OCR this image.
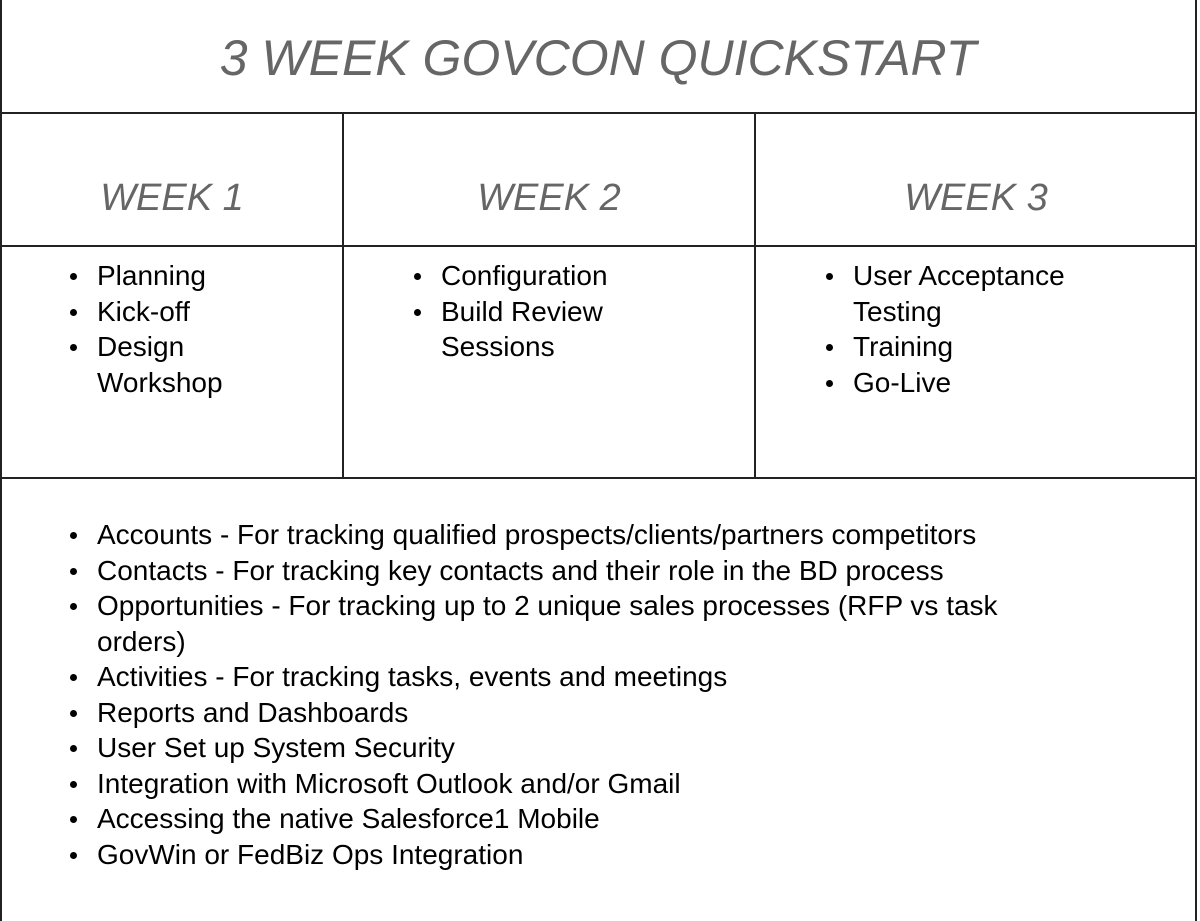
3 WEEK GOVCON QUICKSTART
WEEK 1	WEEK 2	WEEK 3
Planning
Kick-off
Design Workshop
Configuration
Build Review Sessions
User Acceptance Testing
Training
Go-Live
Accounts - For tracking qualified prospects/clients/partners competitors
Contacts - For tracking key contacts and their role in the BD process
Opportunities - For tracking up to 2 unique sales processes (RFP vs task orders)
Activities - For tracking tasks, events and meetings
Reports and Dashboards
User Set up System Security
Integration with Microsoft Outlook and/or Gmail
Accessing the native Salesforce1 Mobile
GovWin or FedBiz Ops Integration
